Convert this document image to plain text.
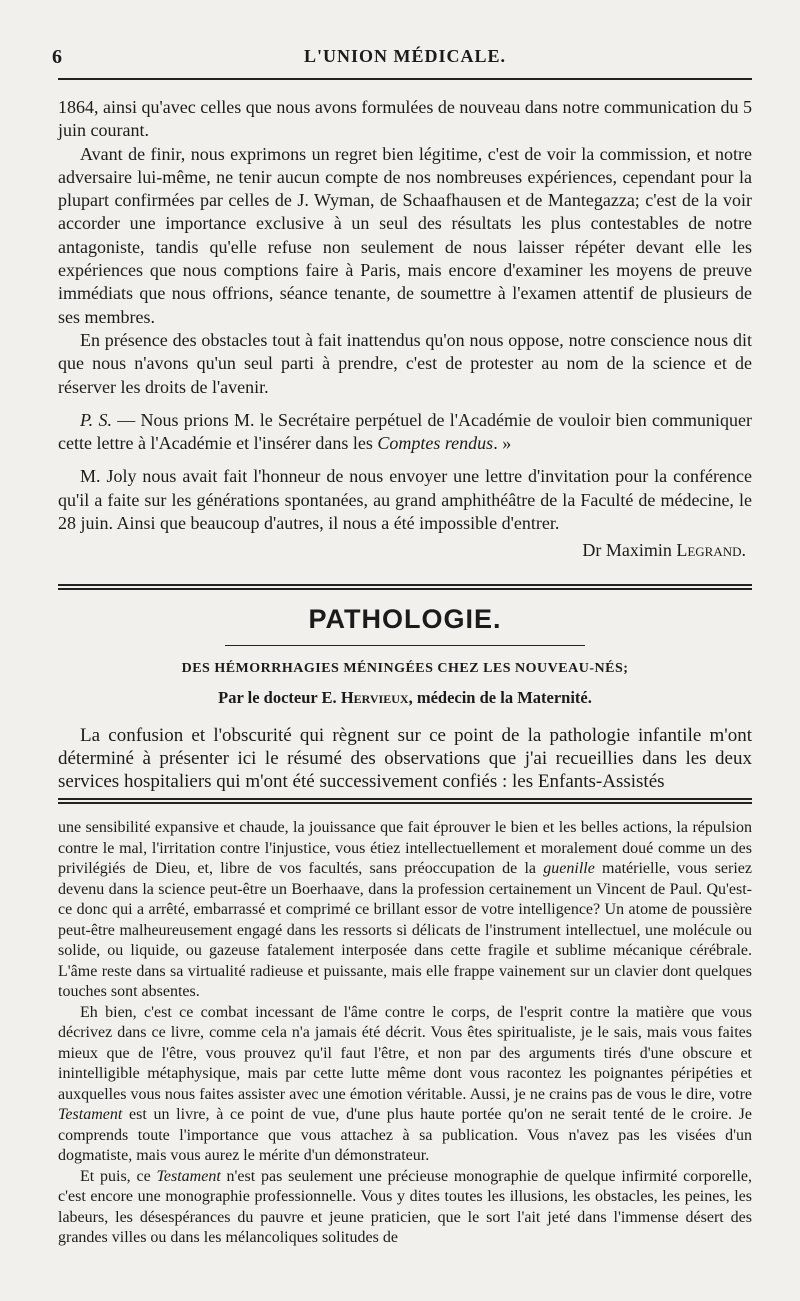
6	L'UNION MÉDICALE.

1864, ainsi qu'avec celles que nous avons formulées de nouveau dans notre communication du 5 juin courant.

Avant de finir, nous exprimons un regret bien légitime, c'est de voir la commission, et notre adversaire lui-même, ne tenir aucun compte de nos nombreuses expériences, cependant pour la plupart confirmées par celles de J. Wyman, de Schaafhausen et de Mantegazza; c'est de la voir accorder une importance exclusive à un seul des résultats les plus contestables de notre antagoniste, tandis qu'elle refuse non seulement de nous laisser répéter devant elle les expériences que nous comptions faire à Paris, mais encore d'examiner les moyens de preuve immédiats que nous offrions, séance tenante, de soumettre à l'examen attentif de plusieurs de ses membres.

En présence des obstacles tout à fait inattendus qu'on nous oppose, notre conscience nous dit que nous n'avons qu'un seul parti à prendre, c'est de protester au nom de la science et de réserver les droits de l'avenir.

P. S. — Nous prions M. le Secrétaire perpétuel de l'Académie de vouloir bien communiquer cette lettre à l'Académie et l'insérer dans les Comptes rendus. »

M. Joly nous avait fait l'honneur de nous envoyer une lettre d'invitation pour la conférence qu'il a faite sur les générations spontanées, au grand amphithéâtre de la Faculté de médecine, le 28 juin. Ainsi que beaucoup d'autres, il nous a été impossible d'entrer.

Dr Maximin Legrand.

PATHOLOGIE.
DES HÉMORRHAGIES MÉNINGÉES CHEZ LES NOUVEAU-NÉS;
Par le docteur E. Hervieux, médecin de la Maternité.

La confusion et l'obscurité qui règnent sur ce point de la pathologie infantile m'ont déterminé à présenter ici le résumé des observations que j'ai recueillies dans les deux services hospitaliers qui m'ont été successivement confiés : les Enfants-Assistés

une sensibilité expansive et chaude, la jouissance que fait éprouver le bien et les belles actions, la répulsion contre le mal, l'irritation contre l'injustice, vous étiez intellectuellement et moralement doué comme un des privilégiés de Dieu, et, libre de vos facultés, sans préoccupation de la guenille matérielle, vous seriez devenu dans la science peut-être un Boerhaave, dans la profession certainement un Vincent de Paul. Qu'est-ce donc qui a arrêté, embarrassé et comprimé ce brillant essor de votre intelligence? Un atome de poussière peut-être malheureusement engagé dans les ressorts si délicats de l'instrument intellectuel, une molécule ou solide, ou liquide, ou gazeuse fatalement interposée dans cette fragile et sublime mécanique cérébrale. L'âme reste dans sa virtualité radieuse et puissante, mais elle frappe vainement sur un clavier dont quelques touches sont absentes.

Eh bien, c'est ce combat incessant de l'âme contre le corps, de l'esprit contre la matière que vous décrivez dans ce livre, comme cela n'a jamais été décrit. Vous êtes spiritualiste, je le sais, mais vous faites mieux que de l'être, vous prouvez qu'il faut l'être, et non par des arguments tirés d'une obscure et inintelligible métaphysique, mais par cette lutte même dont vous racontez les poignantes péripéties et auxquelles vous nous faites assister avec une émotion véritable. Aussi, je ne crains pas de vous le dire, votre Testament est un livre, à ce point de vue, d'une plus haute portée qu'on ne serait tenté de le croire. Je comprends toute l'importance que vous attachez à sa publication. Vous n'avez pas les visées d'un dogmatiste, mais vous aurez le mérite d'un démonstrateur.

Et puis, ce Testament n'est pas seulement une précieuse monographie de quelque infirmité corporelle, c'est encore une monographie professionnelle. Vous y dites toutes les illusions, les obstacles, les peines, les labeurs, les désespérances du pauvre et jeune praticien, que le sort l'ait jeté dans l'immense désert des grandes villes ou dans les mélancoliques solitudes de
